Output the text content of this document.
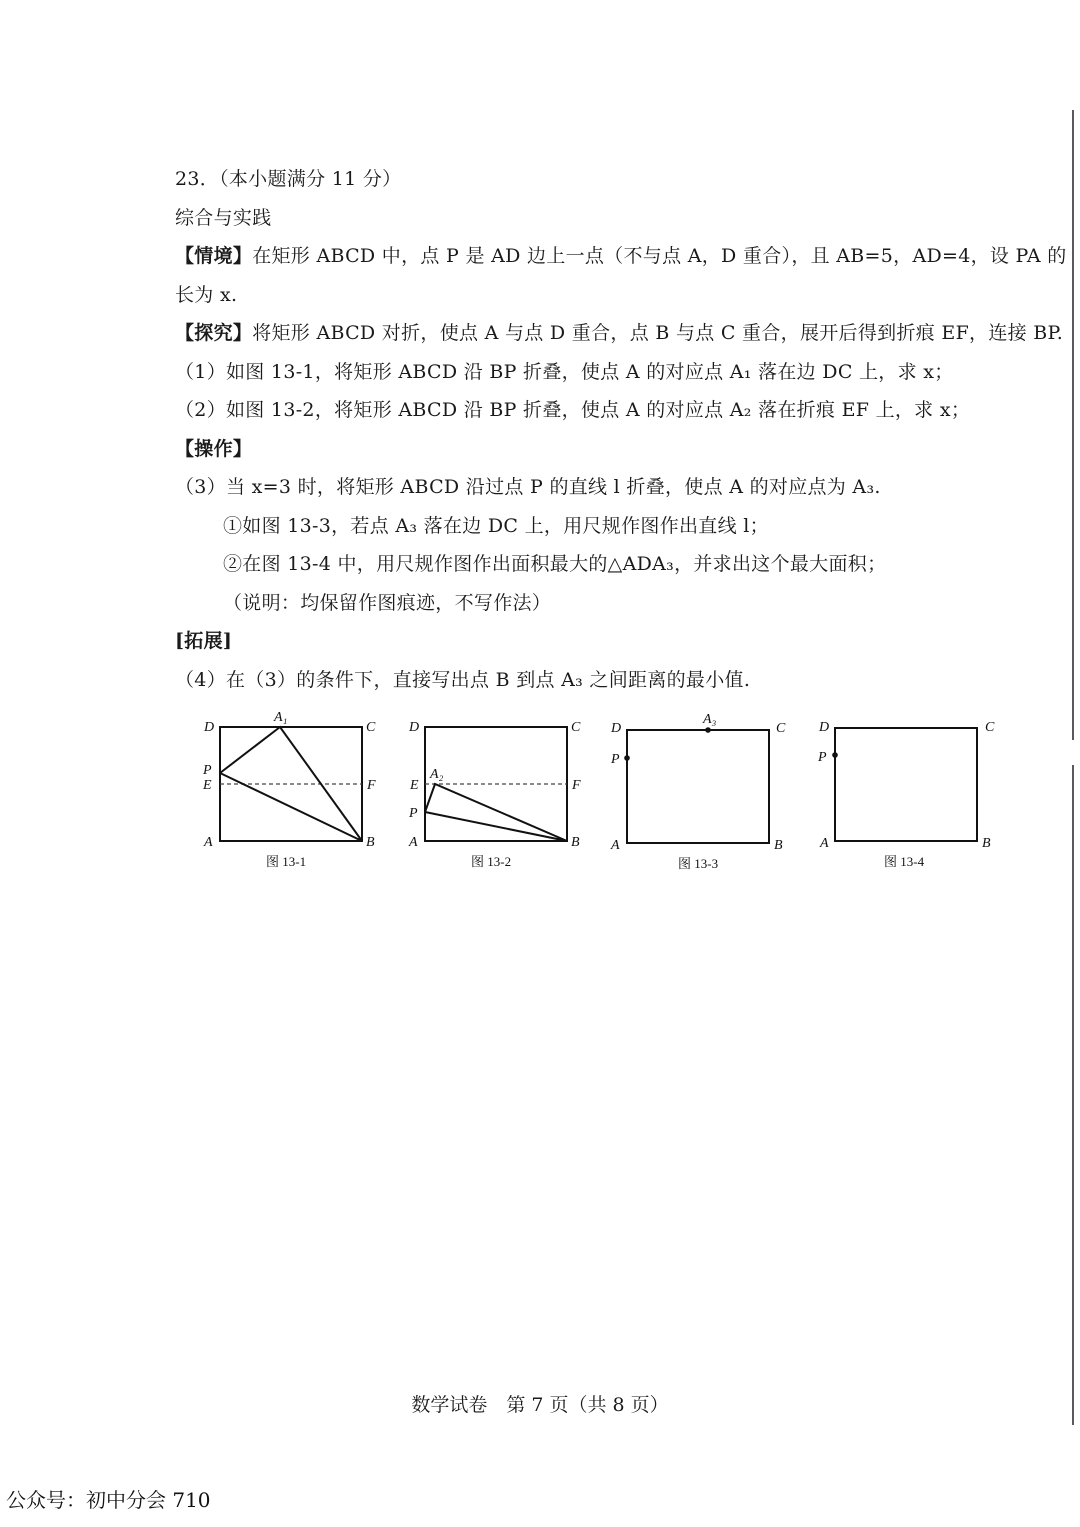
23．（本小题满分 11 分）
综合与实践
【情境】在矩形 ABCD 中，点 P 是 AD 边上一点（不与点 A，D 重合），且 AB=5，AD=4，设 PA 的
长为 x.
【探究】将矩形 ABCD 对折，使点 A 与点 D 重合，点 B 与点 C 重合，展开后得到折痕 EF，连接 BP.
（1）如图 13-1，将矩形 ABCD 沿 BP 折叠，使点 A 的对应点 A₁ 落在边 DC 上，求 x；
（2）如图 13-2，将矩形 ABCD 沿 BP 折叠，使点 A 的对应点 A₂ 落在折痕 EF 上，求 x；
【操作】
（3）当 x=3 时，将矩形 ABCD 沿过点 P 的直线 l 折叠，使点 A 的对应点为 A₃.
①如图 13-3，若点 A₃ 落在边 DC 上，用尺规作图作出直线 l；
②在图 13-4 中，用尺规作图作出面积最大的△ADA₃，并求出这个最大面积；
（说明：均保留作图痕迹，不写作法）
[拓展]
（4）在（3）的条件下，直接写出点 B 到点 A₃ 之间距离的最小值.
D	C
A₁
P
E	F
A	B
图 13-1
D	C
A₂
E	F
P
A	B
图 13-2
D	C
A₃
P
A	B
图 13-3
D	C
P
A	B
图 13-4
数学试卷　第 7 页（共 8 页）
公众号：初中分会 710
